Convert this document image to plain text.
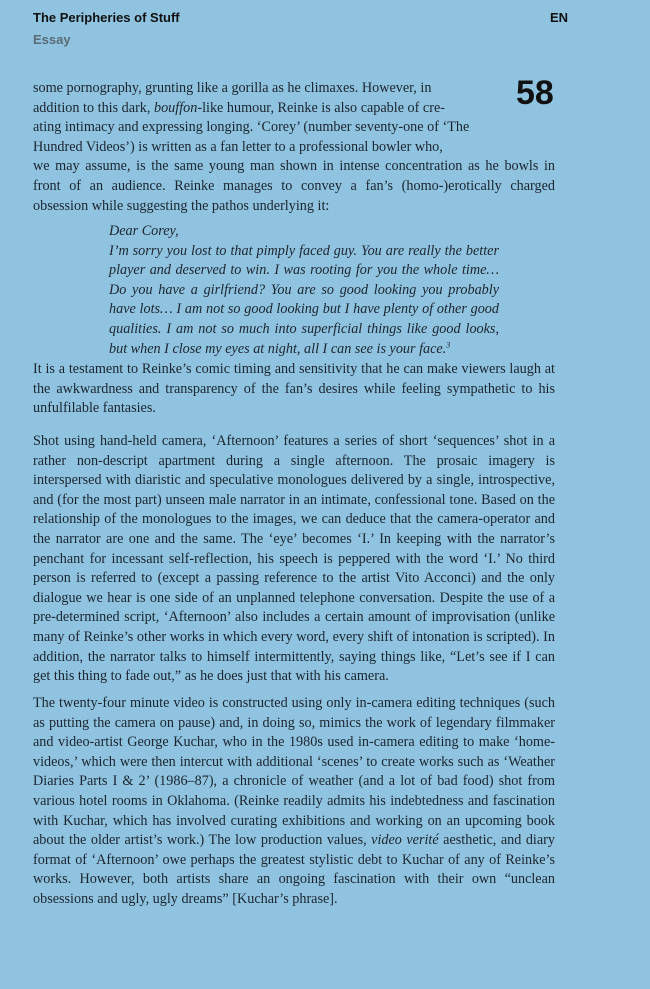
The Peripheries of Stuff
Essay
EN
58

some pornography, grunting like a gorilla as he climaxes. However, in
addition to this dark, bouffon-like humour, Reinke is also capable of cre-
ating intimacy and expressing longing. ‘Corey’ (number seventy-one of ‘The
Hundred Videos’) is written as a fan letter to a professional bowler who,
we may assume, is the same young man shown in intense concentration as he bowls in front of an audience. Reinke manages to convey a fan’s (homo-)erotically charged obsession while suggesting the pathos underlying it:

Dear Corey,
I’m sorry you lost to that pimply faced guy. You are really the better player and deserved to win. I was rooting for you the whole time… Do you have a girlfriend? You are so good looking you probably have lots… I am not so good looking but I have plenty of other good qualities. I am not so much into superficial things like good looks, but when I close my eyes at night, all I can see is your face.$^3$

It is a testament to Reinke’s comic timing and sensitivity that he can make viewers laugh at the awkwardness and transparency of the fan’s desires while feeling sympathetic to his unfulfilable fantasies.

Shot using hand-held camera, ‘Afternoon’ features a series of short ‘sequences’ shot in a rather non-descript apartment during a single afternoon. The prosaic imagery is interspersed with diaristic and speculative monologues delivered by a single, introspective, and (for the most part) unseen male narrator in an intimate, confessional tone. Based on the relationship of the monologues to the images, we can deduce that the camera-operator and the narrator are one and the same. The ‘eye’ becomes ‘I.’ In keeping with the narrator’s penchant for incessant self-reflection, his speech is peppered with the word ‘I.’ No third person is referred to (except a passing reference to the artist Vito Acconci) and the only dialogue we hear is one side of an unplanned telephone conversation. Despite the use of a pre-determined script, ‘Afternoon’ also includes a certain amount of improvisation (unlike many of Reinke’s other works in which every word, every shift of intonation is scripted). In addition, the narrator talks to himself intermittently, saying things like, “Let’s see if I can get this thing to fade out,” as he does just that with his camera.

The twenty-four minute video is constructed using only in-camera editing techniques (such as putting the camera on pause) and, in doing so, mimics the work of legendary filmmaker and video-artist George Kuchar, who in the 1980s used in-camera editing to make ‘home-videos,’ which were then intercut with additional ‘scenes’ to create works such as ‘Weather Diaries Parts I & 2’ (1986–87), a chronicle of weather (and a lot of bad food) shot from various hotel rooms in Oklahoma. (Reinke readily admits his indebtedness and fascination with Kuchar, which has involved curating exhibitions and working on an upcoming book about the older artist’s work.) The low production values, video verité aesthetic, and diary format of ‘Afternoon’ owe perhaps the greatest stylistic debt to Kuchar of any of Reinke’s works. However, both artists share an ongoing fascination with their own “unclean obsessions and ugly, ugly dreams” [Kuchar’s phrase].
